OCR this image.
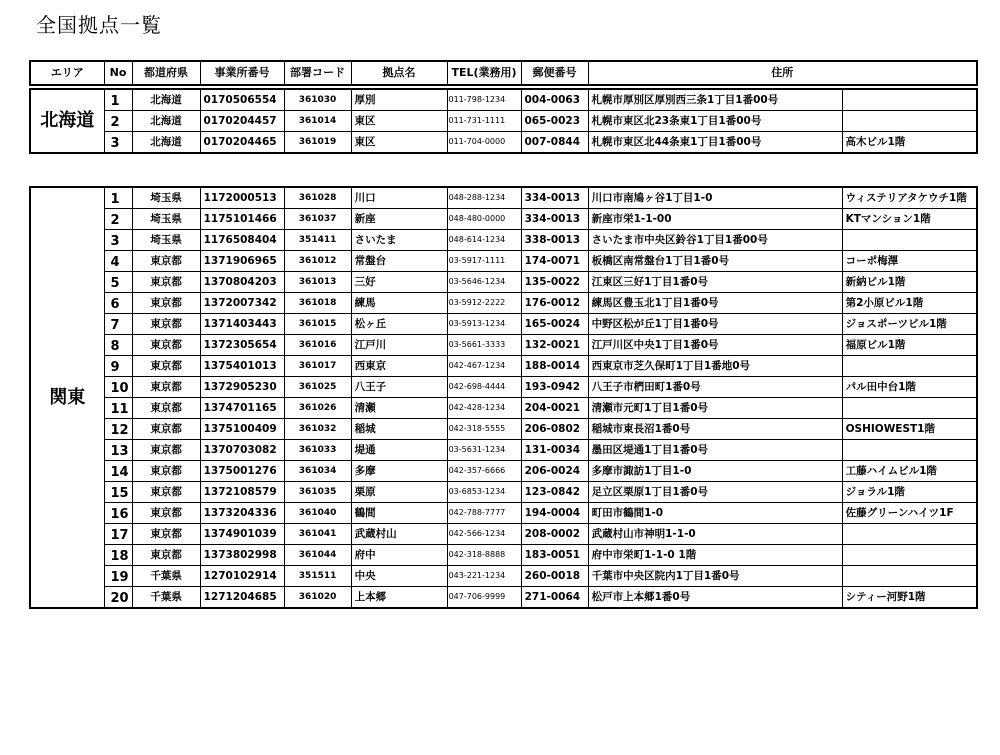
全国拠点一覧
エリア	No	都道府県	事業所番号	部署コード	拠点名	TEL(業務用)	郵便番号	住所
北海道	1	北海道	0170506554	361030	厚別	011-798-1234	004-0063	札幌市厚別区厚別西三条1丁目1番00号	
	2	北海道	0170204457	361014	東区	011-731-1111	065-0023	札幌市東区北23条東1丁目1番00号	
	3	北海道	0170204465	361019	東区	011-704-0000	007-0844	札幌市東区北44条東1丁目1番00号	高木ビル1階
関東	1	埼玉県	1172000513	361028	川口	048-288-1234	334-0013	川口市南鳩ヶ谷1丁目1-0	ウィステリアタケウチ1階
	2	埼玉県	1175101466	361037	新座	048-480-0000	334-0013	新座市栄1-1-00	KTマンション1階
	3	埼玉県	1176508404	351411	さいたま	048-614-1234	338-0013	さいたま市中央区鈴谷1丁目1番00号	
	4	東京都	1371906965	361012	常盤台	03-5917-1111	174-0071	板橋区南常盤台1丁目1番0号	コーポ梅澤
	5	東京都	1370804203	361013	三好	03-5646-1234	135-0022	江東区三好1丁目1番0号	新納ビル1階
	6	東京都	1372007342	361018	練馬	03-5912-2222	176-0012	練馬区豊玉北1丁目1番0号	第2小原ビル1階
	7	東京都	1371403443	361015	松ヶ丘	03-5913-1234	165-0024	中野区松が丘1丁目1番0号	ジョスポーツビル1階
	8	東京都	1372305654	361016	江戸川	03-5661-3333	132-0021	江戸川区中央1丁目1番0号	福原ビル1階
	9	東京都	1375401013	361017	西東京	042-467-1234	188-0014	西東京市芝久保町1丁目1番地0号	
	10	東京都	1372905230	361025	八王子	042-698-4444	193-0942	八王子市椚田町1番0号	パル田中台1階
	11	東京都	1374701165	361026	清瀬	042-428-1234	204-0021	清瀬市元町1丁目1番0号	
	12	東京都	1375100409	361032	稲城	042-318-5555	206-0802	稲城市東長沼1番0号	OSHIOWEST1階
	13	東京都	1370703082	361033	堤通	03-5631-1234	131-0034	墨田区堤通1丁目1番0号	
	14	東京都	1375001276	361034	多摩	042-357-6666	206-0024	多摩市諏訪1丁目1-0	工藤ハイムビル1階
	15	東京都	1372108579	361035	栗原	03-6853-1234	123-0842	足立区栗原1丁目1番0号	ジョラル1階
	16	東京都	1373204336	361040	鶴間	042-788-7777	194-0004	町田市鶴間1-0	佐藤グリーンハイツ1F
	17	東京都	1374901039	361041	武蔵村山	042-566-1234	208-0002	武蔵村山市神明1-1-0	
	18	東京都	1373802998	361044	府中	042-318-8888	183-0051	府中市栄町1-1-0 1階	
	19	千葉県	1270102914	351511	中央	043-221-1234	260-0018	千葉市中央区院内1丁目1番0号	
	20	千葉県	1271204685	361020	上本郷	047-706-9999	271-0064	松戸市上本郷1番0号	シティー河野1階
